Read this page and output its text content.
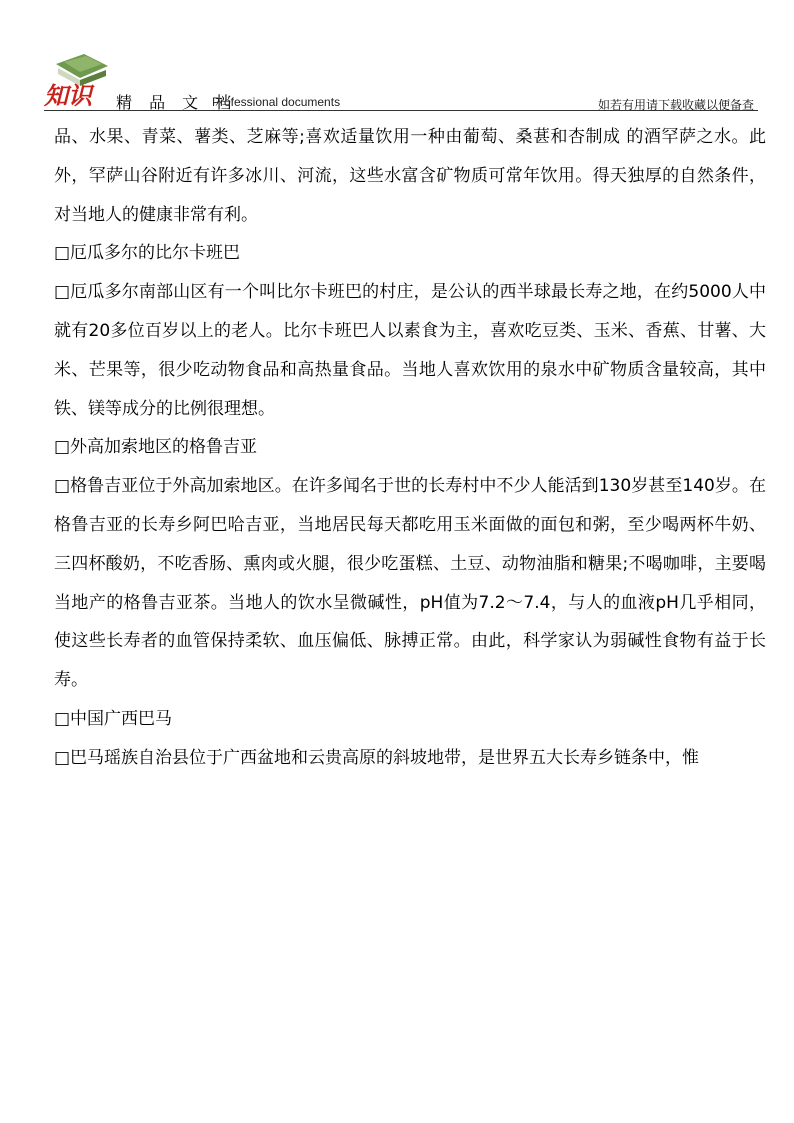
知识 精 品 文 档
Professional documents	如若有用请下载收藏以便备查

品、水果、青菜、薯类、芝麻等;喜欢适量饮用一种由葡萄、桑葚和杏制成 的酒罕萨之水。此外，罕萨山谷附近有许多冰川、河流，这些水富含矿物质可常年饮用。得天独厚的自然条件，对当地人的健康非常有利。

□厄瓜多尔的比尔卡班巴

□厄瓜多尔南部山区有一个叫比尔卡班巴的村庄，是公认的西半球最长寿之地，在约5000人中就有20多位百岁以上的老人。比尔卡班巴人以素食为主，喜欢吃豆类、玉米、香蕉、甘薯、大米、芒果等，很少吃动物食品和高热量食品。当地人喜欢饮用的泉水中矿物质含量较高，其中铁、镁等成分的比例很理想。

□外高加索地区的格鲁吉亚

□格鲁吉亚位于外高加索地区。在许多闻名于世的长寿村中不少人能活到130岁甚至140岁。在格鲁吉亚的长寿乡阿巴哈吉亚，当地居民每天都吃用玉米面做的面包和粥，至少喝两杯牛奶、三四杯酸奶，不吃香肠、熏肉或火腿，很少吃蛋糕、土豆、动物油脂和糖果;不喝咖啡，主要喝当地产的格鲁吉亚茶。当地人的饮水呈微碱性，pH值为7.2～7.4，与人的血液pH几乎相同，使这些长寿者的血管保持柔软、血压偏低、脉搏正常。由此，科学家认为弱碱性食物有益于长寿。

□中国广西巴马

□巴马瑶族自治县位于广西盆地和云贵高原的斜坡地带，是世界五大长寿乡链条中，惟
